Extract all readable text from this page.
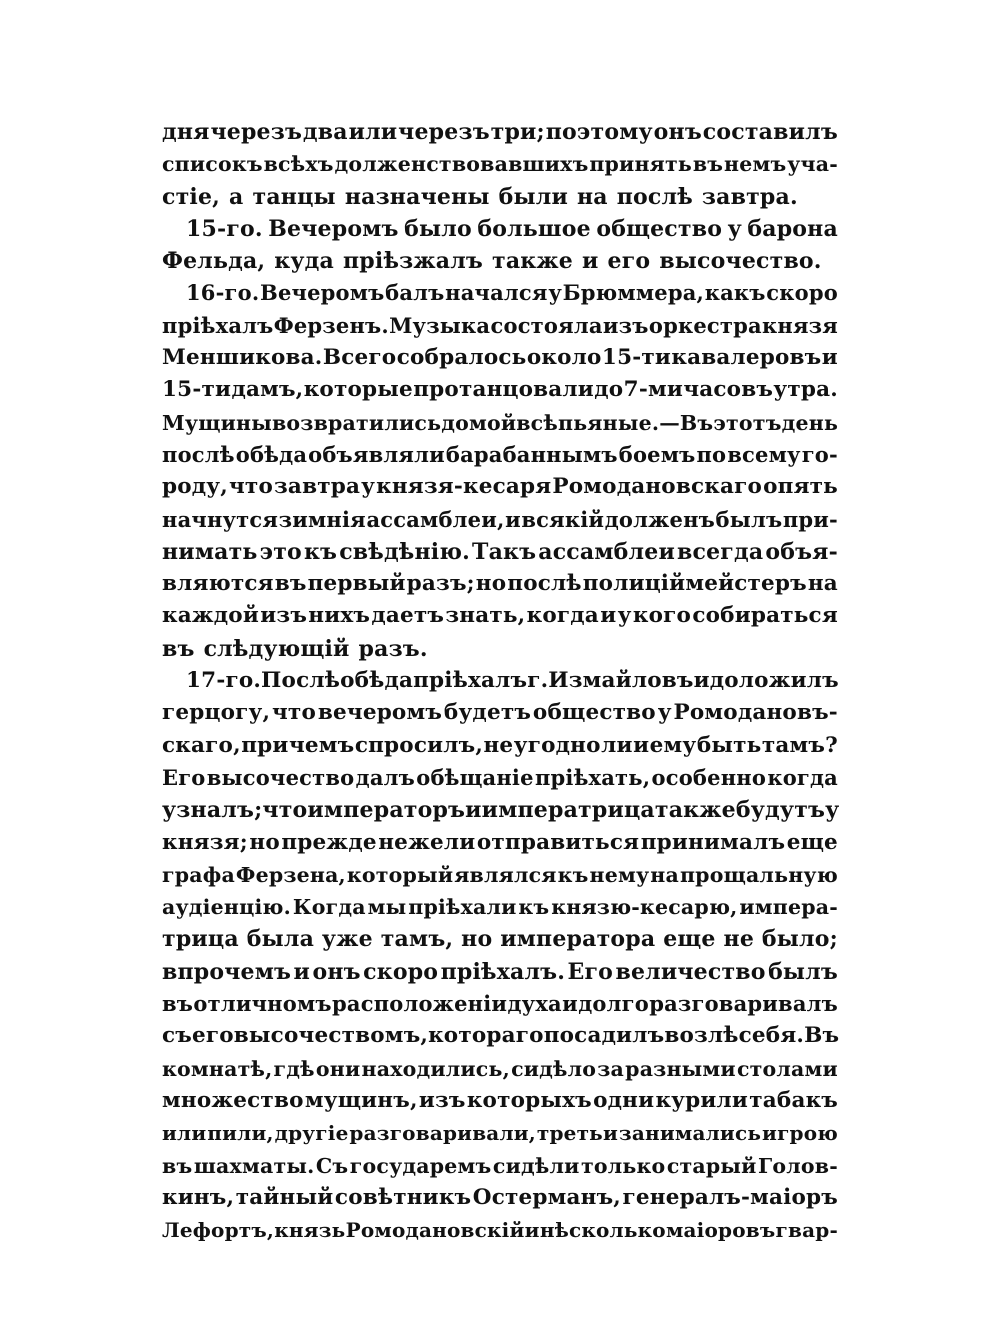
дня черезъ два или черезъ три; поэтому онъ составилъ
списокъ всѣхъ долженствовавшихъ принять въ немъ уча-
стіе, а танцы назначены были на послѣ завтра.
15-го. Вечеромъ было большое общество у барона
Фельда, куда пріѣзжалъ также и его высочество.
16-го. Вечеромъ балъ начался у Брюммера, какъ скоро
пріѣхалъ Ферзенъ. Музыка состояла изъ оркестра князя
Меншикова. Всего собралось около 15-ти кавалеровъ и
15-ти дамъ, которые протанцовали до 7-ми часовъ утра.
Мущины возвратились домой всѣ пьяные. — Въ этотъ день
послѣ обѣда объявляли барабаннымъ боемъ по всему го-
роду, что завтра у князя-кесаря Ромодановскаго опять
начнутся зимнія ассамблеи, и всякій долженъ былъ при-
нимать это къ свѣдѣнію. Такъ ассамблеи всегда объя-
вляются въ первый разъ; но послѣ полиціймейстеръ на
каждой изъ нихъ даетъ знать, когда и у кого собираться
въ слѣдующій разъ.
17-го. Послѣ обѣда пріѣхалъ г. Измайловъ и доложилъ
герцогу, что вечеромъ будетъ общество у Ромодановъ-
скаго, при чемъ спросилъ, не угодно ли и ему быть тамъ?
Его высочество далъ обѣщаніе пріѣхать, особенно когда
узналъ; что императоръ и императрица также будутъ у
князя; но прежде нежели отправиться принималъ еще
графа Ферзена, который являлся къ нему на прощальную
аудіенцію. Когда мы пріѣхали къ князю-кесарю, импера-
трица была уже тамъ, но императора еще не было;
впрочемъ и онъ скоро пріѣхалъ. Его величество былъ
въ отличномъ расположеніи духа и долго разговаривалъ
съ его высочествомъ, котораго посадилъ возлѣ себя. Въ
комнатѣ, гдѣ они находились, сидѣло за разными столами
множество мущинъ, изъ которыхъ одни курили табакъ
или пили, другіе разговаривали, третьи занимались игрою
въ шахматы. Съ государемъ сидѣли только старый Голов-
кинъ, тайный совѣтникъ Остерманъ, генералъ-маіоръ
Лефортъ, князь Ромодановскій и нѣсколько маіоровъ гвар-
